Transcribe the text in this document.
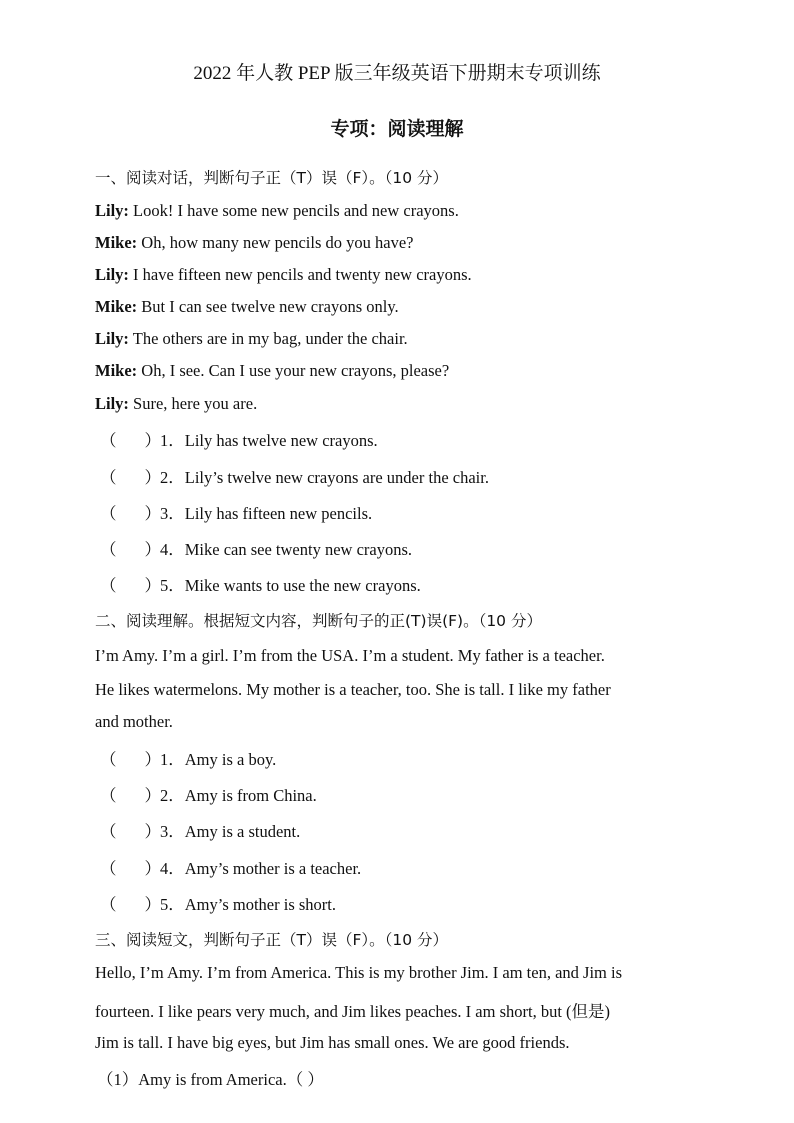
2022 年人教 PEP 版三年级英语下册期末专项训练
专项：阅读理解
一、阅读对话，判断句子正（T）误（F）。（10 分）
Lily: Look! I have some new pencils and new crayons.
Mike: Oh, how many new pencils do you have?
Lily: I have fifteen new pencils and twenty new crayons.
Mike: But I can see twelve new crayons only.
Lily: The others are in my bag, under the chair.
Mike: Oh, I see. Can I use your new crayons, please?
Lily: Sure, here you are.
（ ）1．Lily has twelve new crayons.
（ ）2．Lily’s twelve new crayons are under the chair.
（ ）3．Lily has fifteen new pencils.
（ ）4．Mike can see twenty new crayons.
（ ）5．Mike wants to use the new crayons.
二、阅读理解。根据短文内容，判断句子的正(T)误(F)。（10 分）
I’m Amy. I’m a girl. I’m from the USA. I’m a student. My father is a teacher.
He likes watermelons. My mother is a teacher, too. She is tall. I like my father
and mother.
（ ）1．Amy is a boy.
（ ）2．Amy is from China.
（ ）3．Amy is a student.
（ ）4．Amy’s mother is a teacher.
（ ）5．Amy’s mother is short.
三、阅读短文，判断句子正（T）误（F）。（10 分）
Hello, I’m Amy. I’m from America. This is my brother Jim. I am ten, and Jim is
fourteen. I like pears very much, and Jim likes peaches. I am short, but (但是)
Jim is tall. I have big eyes, but Jim has small ones. We are good friends.
（1）Amy is from America.（ ）
